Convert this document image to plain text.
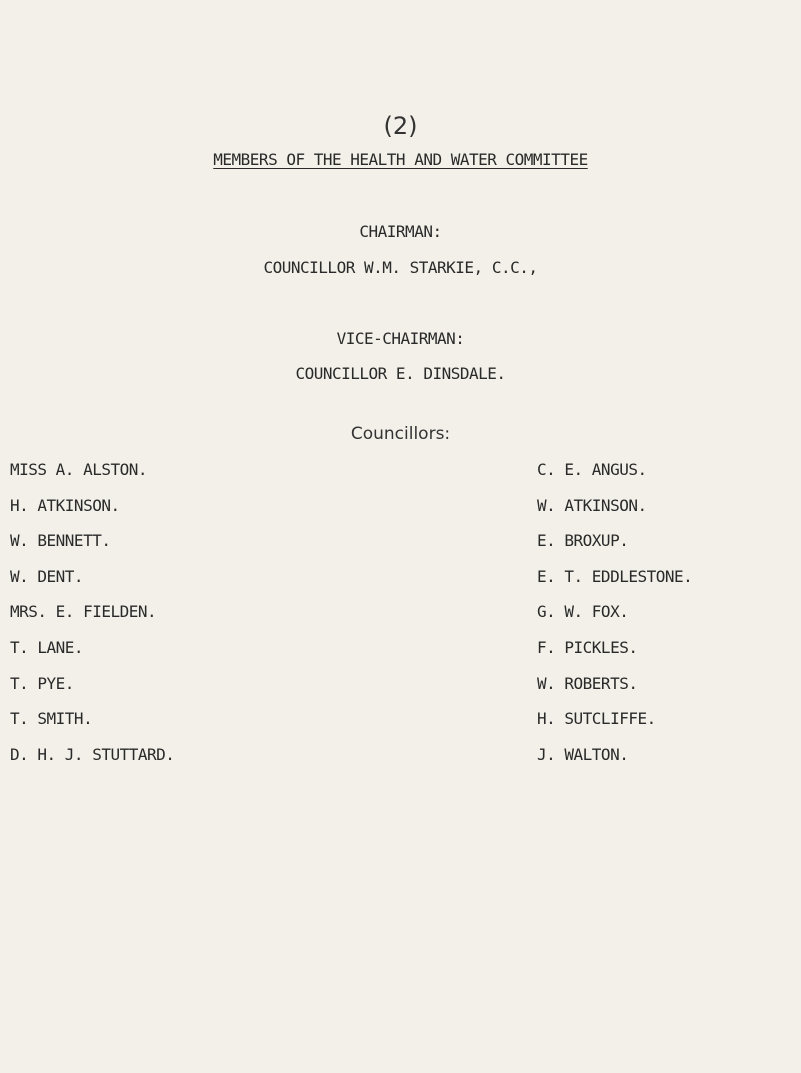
(2)
MEMBERS OF THE HEALTH AND WATER COMMITTEE
CHAIRMAN:
COUNCILLOR W.M. STARKIE, C.C.,
VICE-CHAIRMAN:
COUNCILLOR E. DINSDALE.
Councillors:
MISS A. ALSTON.
H. ATKINSON.
W. BENNETT.
W. DENT.
MRS. E. FIELDEN.
T. LANE.
T. PYE.
T. SMITH.
D. H. J. STUTTARD.
C. E. ANGUS.
W. ATKINSON.
E. BROXUP.
E. T. EDDLESTONE.
G. W. FOX.
F. PICKLES.
W. ROBERTS.
H. SUTCLIFFE.
J. WALTON.
